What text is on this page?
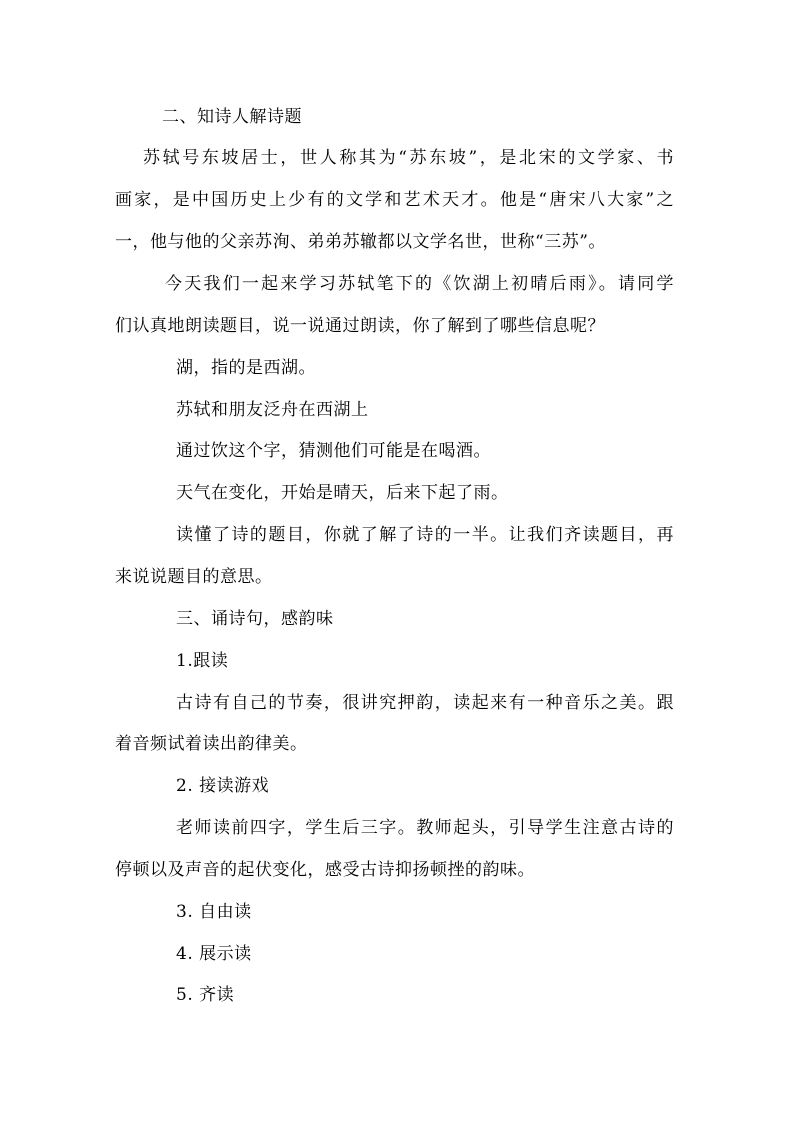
二、知诗人解诗题
苏轼号东坡居士，世人称其为“苏东坡”，是北宋的文学家、书
画家，是中国历史上少有的文学和艺术天才。他是“唐宋八大家”之
一，他与他的父亲苏洵、弟弟苏辙都以文学名世，世称“三苏”。
今天我们一起来学习苏轼笔下的《饮湖上初晴后雨》。请同学
们认真地朗读题目，说一说通过朗读，你了解到了哪些信息呢？
湖，指的是西湖。
苏轼和朋友泛舟在西湖上
通过饮这个字，猜测他们可能是在喝酒。
天气在变化，开始是晴天，后来下起了雨。
读懂了诗的题目，你就了解了诗的一半。让我们齐读题目，再
来说说题目的意思。
三、诵诗句，感韵味
1.跟读
古诗有自己的节奏，很讲究押韵，读起来有一种音乐之美。跟
着音频试着读出韵律美。
2. 接读游戏
老师读前四字，学生后三字。教师起头，引导学生注意古诗的
停顿以及声音的起伏变化，感受古诗抑扬顿挫的韵味。
3. 自由读
4. 展示读
5. 齐读
